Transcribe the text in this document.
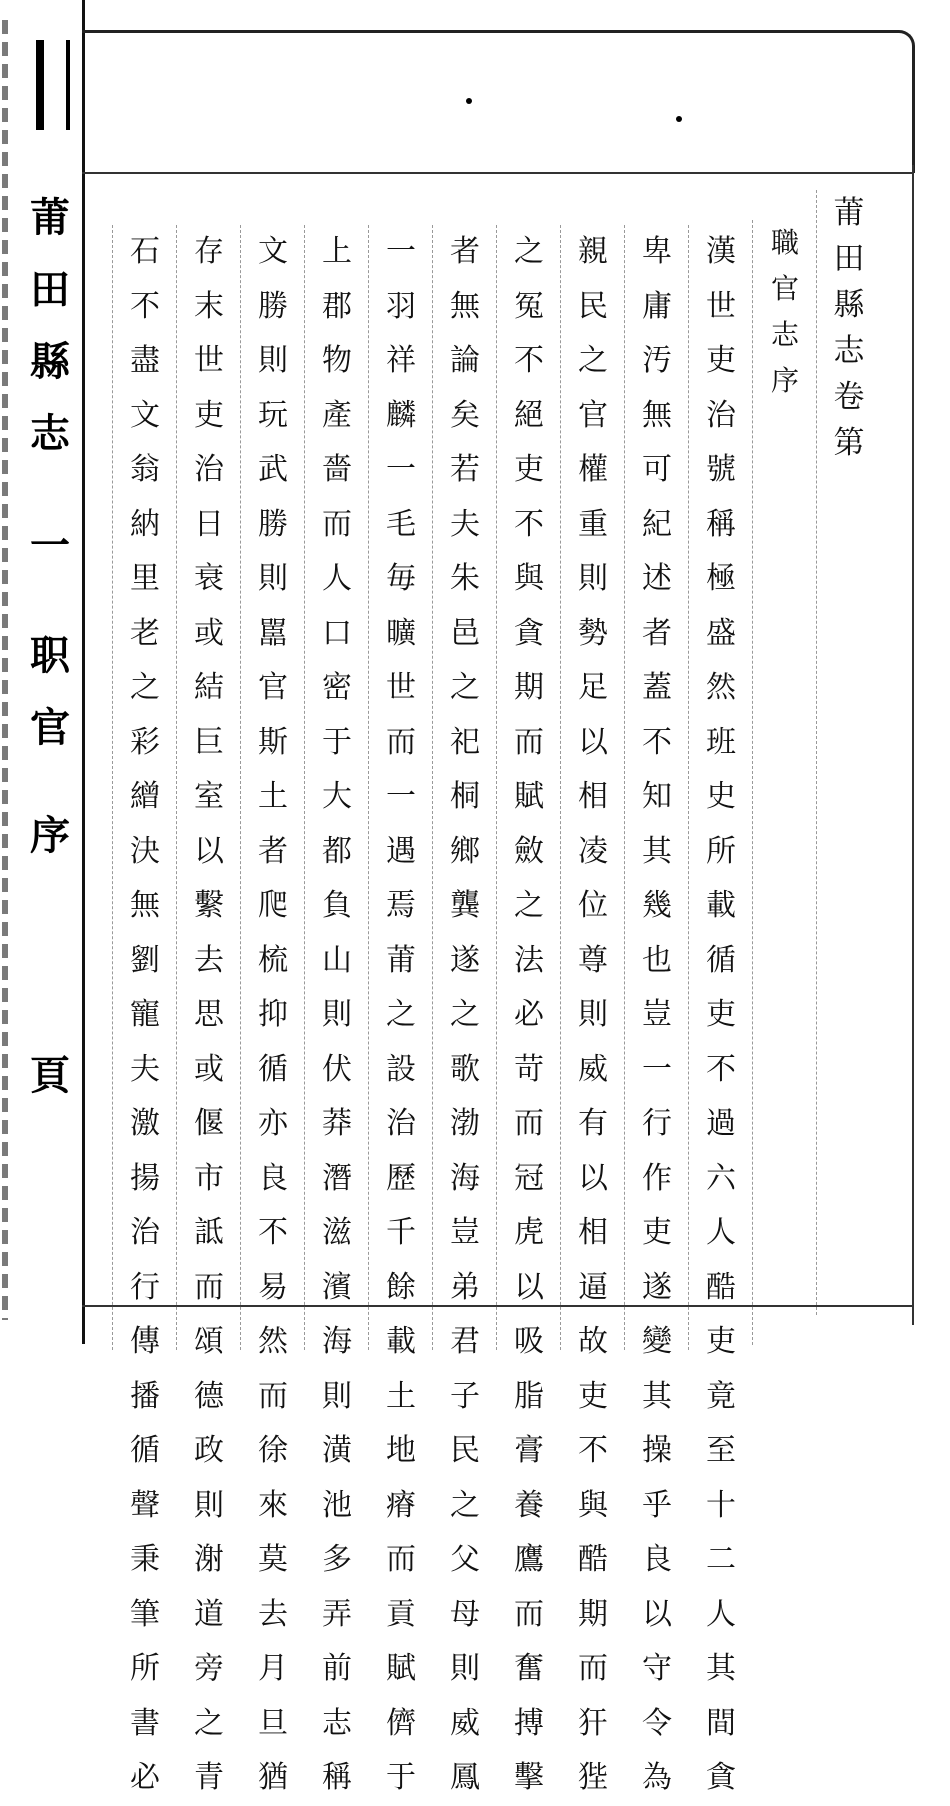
莆
田
縣
志
一
职
官
序
頁
莆
田
縣
志
卷
第
職
官
志
序
漢
世
吏
治
號
稱
極
盛
然
班
史
所
載
循
吏
不
過
六
人
酷
吏
竟
至
十
二
人
其
間
貪
卑
庸
汚
無
可
紀
述
者
蓋
不
知
其
幾
也
豈
一
行
作
吏
遂
變
其
操
乎
良
以
守
令
為
親
民
之
官
權
重
則
勢
足
以
相
凌
位
尊
則
威
有
以
相
逼
故
吏
不
與
酷
期
而
犴
狴
之
冤
不
絕
吏
不
與
貪
期
而
賦
斂
之
法
必
苛
而
冠
虎
以
吸
脂
膏
養
鷹
而
奮
搏
擊
者
無
論
矣
若
夫
朱
邑
之
祀
桐
鄉
龔
遂
之
歌
渤
海
豈
弟
君
子
民
之
父
母
則
威
鳳
一
羽
祥
麟
一
毛
毎
曠
世
而
一
遇
焉
莆
之
設
治
歷
千
餘
載
土
地
瘠
而
貢
賦
儕
于
上
郡
物
產
嗇
而
人
口
密
于
大
都
負
山
則
伏
莽
潛
滋
濱
海
則
潢
池
多
弄
前
志
稱
文
勝
則
玩
武
勝
則
嚚
官
斯
土
者
爬
梳
抑
循
亦
良
不
易
然
而
徐
來
莫
去
月
旦
猶
存
末
世
吏
治
日
衰
或
結
巨
室
以
繫
去
思
或
偃
市
詆
而
頌
德
政
則
㴬
道
旁
之
青
石
不
盡
文
翁
納
里
老
之
彩
繒
決
無
劉
寵
夫
激
揚
治
行
傳
播
循
聲
秉
筆
所
書
必
